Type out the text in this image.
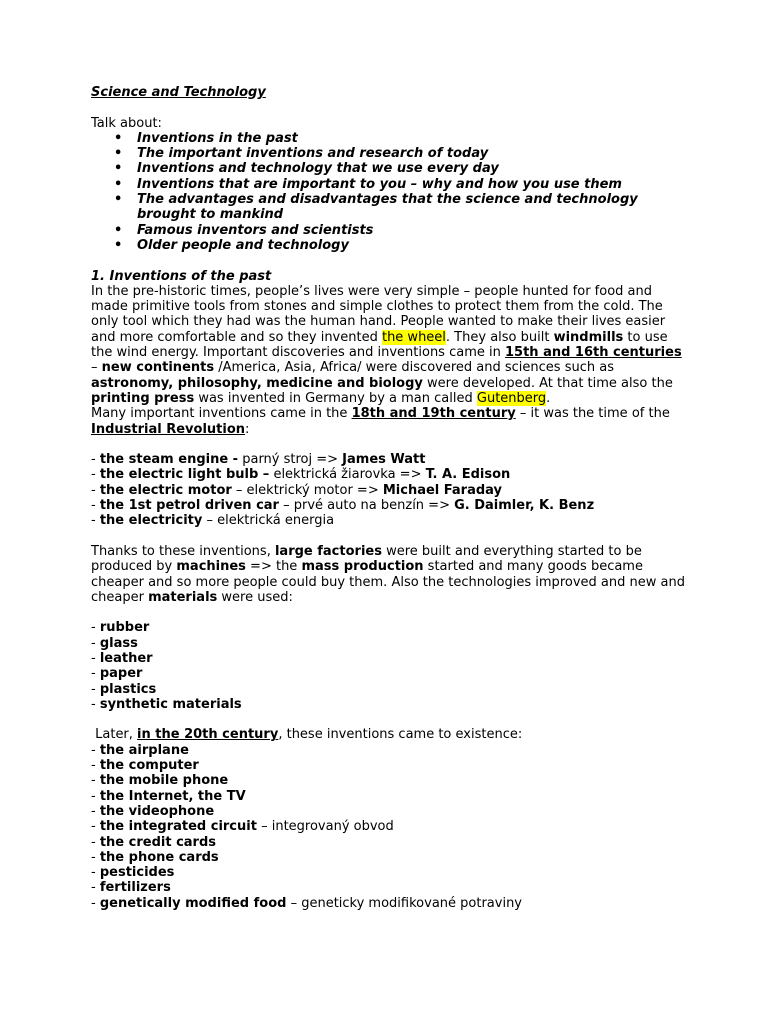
Science and Technology

Talk about:

• Inventions in the past
• The important inventions and research of today
• Inventions and technology that we use every day
• Inventions that are important to you – why and how you use them
• The advantages and disadvantages that the science and technology brought to mankind
• Famous inventors and scientists
• Older people and technology

1. Inventions of the past

In the pre-historic times, people’s lives were very simple – people hunted for food and made primitive tools from stones and simple clothes to protect them from the cold. The only tool which they had was the human hand. People wanted to make their lives easier and more comfortable and so they invented the wheel. They also built windmills to use the wind energy. Important discoveries and inventions came in 15th and 16th centuries – new continents /America, Asia, Africa/ were discovered and sciences such as astronomy, philosophy, medicine and biology were developed. At that time also the printing press was invented in Germany by a man called Gutenberg.

Many important inventions came in the 18th and 19th century – it was the time of the Industrial Revolution:

- the steam engine - parný stroj => James Watt

- the electric light bulb – elektrická žiarovka => T. A. Edison

- the electric motor – elektrický motor => Michael Faraday

- the 1st petrol driven car – prvé auto na benzín => G. Daimler, K. Benz

- the electricity – elektrická energia

Thanks to these inventions, large factories were built and everything started to be produced by machines => the mass production started and many goods became cheaper and so more people could buy them. Also the technologies improved and new and cheaper materials were used:

- rubber

- glass

- leather

- paper

- plastics

- synthetic materials

Later, in the 20th century, these inventions came to existence:

- the airplane

- the computer

- the mobile phone

- the Internet, the TV

- the videophone

- the integrated circuit – integrovaný obvod

- the credit cards

- the phone cards

- pesticides

- fertilizers

- genetically modified food – geneticky modifikované potraviny
